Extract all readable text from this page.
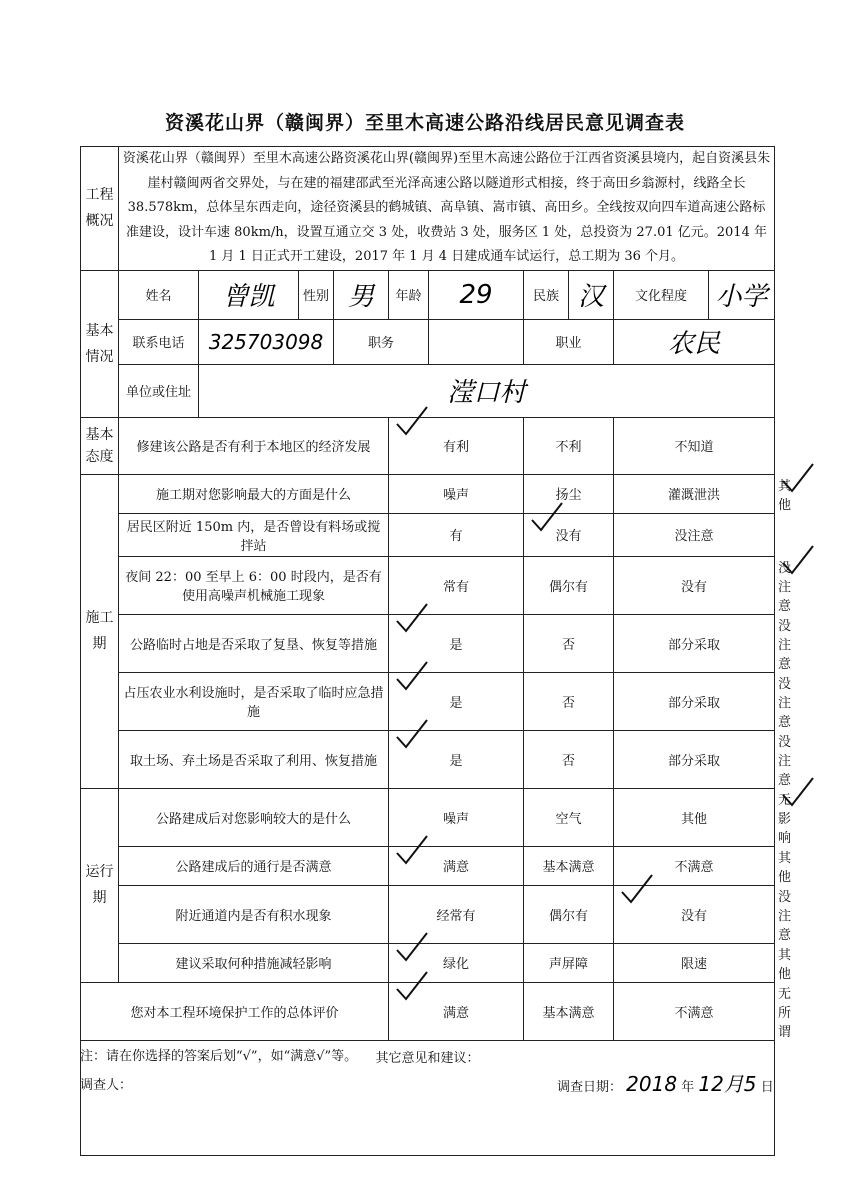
资溪花山界（赣闽界）至里木高速公路沿线居民意见调查表
工程概况	资溪花山界（赣闽界）至里木高速公路资溪花山界(赣闽界)至里木高速公路位于江西省资溪县境内，起自资溪县朱崖村赣闽两省交界处，与在建的福建邵武至光泽高速公路以隧道形式相接，终于高田乡翁源村，线路全长 38.578km，总体呈东西走向，途径资溪县的鹤城镇、高阜镇、嵩市镇、高田乡。全线按双向四车道高速公路标准建设，设计车速 80km/h，设置互通立交 3 处，收费站 3 处，服务区 1 处，总投资为 27.01 亿元。2014 年 1 月 1 日正式开工建设，2017 年 1 月 4 日建成通车试运行，总工期为 36 个月。										
基本情况	姓名	曾凯	性别	男	年龄	29	民族	汉	文化程度	小学	
	联系电话	325703098		职务			职业		农民		
	单位或住址	滢口村									
基本态度	修建该公路是否有利于本地区的经济发展				有利		不利		不知道		
施工期	施工期对您影响最大的方面是什么				噪声		扬尘		灌溉泄洪		其他

	居民区附近 150m 内，是否曾设有料场或搅拌站				有		没有		没注意		
	夜间 22：00 至早上 6：00 时段内，是否有使用高噪声机械施工现象				常有		偶尔有		没有		没注意

	公路临时占地是否采取了复垦、恢复等措施				是		否		部分采取		没注意
	占压农业水利设施时，是否采取了临时应急措施				是		否		部分采取		没注意
	取土场、弃土场是否采取了利用、恢复措施				是		否		部分采取		没注意
运行期	公路建成后对您影响较大的是什么				噪声		空气		其他		无影响

	公路建成后的通行是否满意				满意		基本满意		不满意		其他
	附近通道内是否有积水现象				经常有		偶尔有		没有		没注意
	建议采取何种措施减轻影响				绿化		声屏障		限速		其他
您对本工程环境保护工作的总体评价					满意		基本满意		不满意		无所谓
其它意见和建议：											
注：请在你选择的答案后划“√”，如“满意√”等。
调查人：	调查日期： 2018 年 12月5 日
